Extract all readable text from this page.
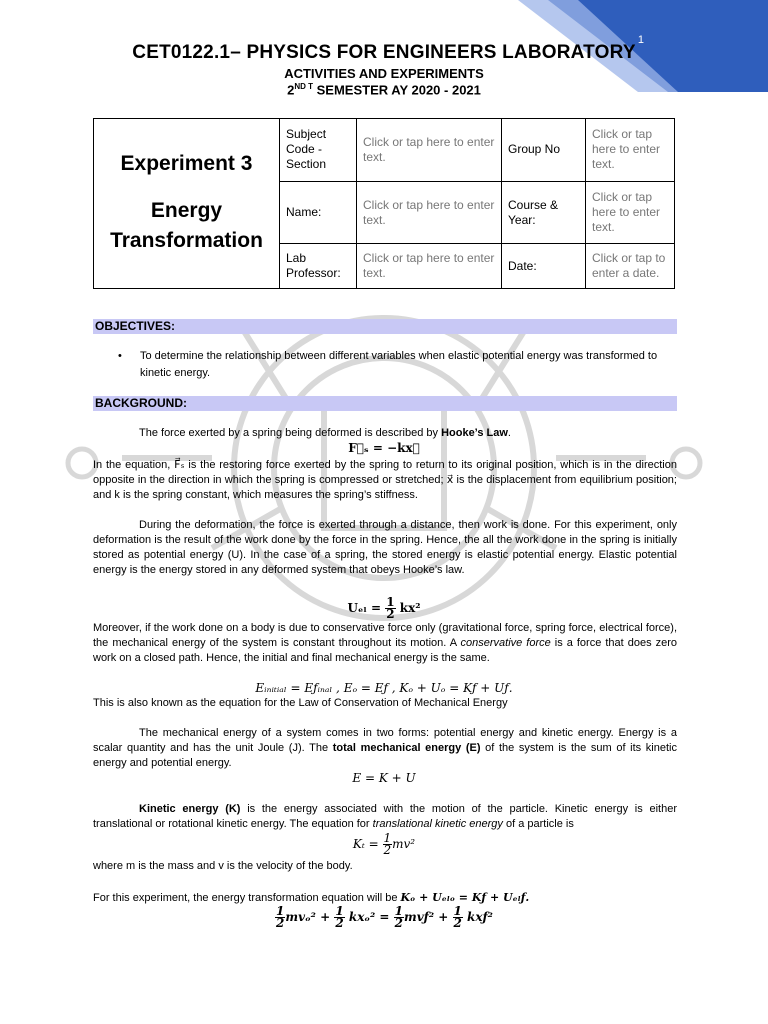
1
CET0122.1– PHYSICS FOR ENGINEERS LABORATORY
ACTIVITIES AND EXPERIMENTS
$2^{ND T}$ SEMESTER AY 2020 - 2021
Experiment 3
Energy
Transformation	Subject Code - Section	Click or tap here to enter text.	Group No	Click or tap here to enter text.
	Name:	Click or tap here to enter text.	Course & Year:	Click or tap here to enter text.
	Lab Professor:	Click or tap here to enter text.	Date:	Click or tap to enter a date.
OBJECTIVES:
• To determine the relationship between different variables when elastic potential energy was transformed to kinetic energy.
BACKGROUND:
The force exerted by a spring being deformed is described by Hooke’s Law.
F⃗ₛ = −kx⃗
In the equation, F⃗ₛ is the restoring force exerted by the spring to return to its original position, which is in the direction opposite in the direction in which the spring is compressed or stretched; x⃗ is the displacement from equilibrium position; and k is the spring constant, which measures the spring’s stiffness.
During the deformation, the force is exerted through a distance, then work is done. For this experiment, only deformation is the result of the work done by the force in the spring. Hence, the all the work done in the spring is initially stored as potential energy (U). In the case of a spring, the stored energy is elastic potential energy. Elastic potential energy is the energy stored in any deformed system that obeys Hooke’s law.
$U_{el} = \frac{1}{2} kx^2$
Moreover, if the work done on a body is due to conservative force only (gravitational force, spring force, electrical force), the mechanical energy of the system is constant throughout its motion. A conservative force is a force that does zero work on a closed path. Hence, the initial and final mechanical energy is the same.
Eᵢₙᵢₜᵢₐₗ = Eƒᵢₙₐₗ , Eₒ = Eƒ , Kₒ + Uₒ = Kƒ + Uƒ.
This is also known as the equation for the Law of Conservation of Mechanical Energy
The mechanical energy of a system comes in two forms: potential energy and kinetic energy. Energy is a scalar quantity and has the unit Joule (J). The total mechanical energy (E) of the system is the sum of its kinetic energy and potential energy.
E = K + U
Kinetic energy (K) is the energy associated with the motion of the particle. Kinetic energy is either translational or rotational kinetic energy. The equation for translational kinetic energy of a particle is
$K_t = \frac{1}{2} mv^2$
where m is the mass and v is the velocity of the body.
For this experiment, the energy transformation equation will be Kₒ + Uₑₗₒ = Kƒ + Uₑₗƒ.
$\frac{1}{2} mv_o^2 + \frac{1}{2} kx_o^2 = \frac{1}{2}$ mvƒ² + $\frac{1}{2}$ kxƒ²
